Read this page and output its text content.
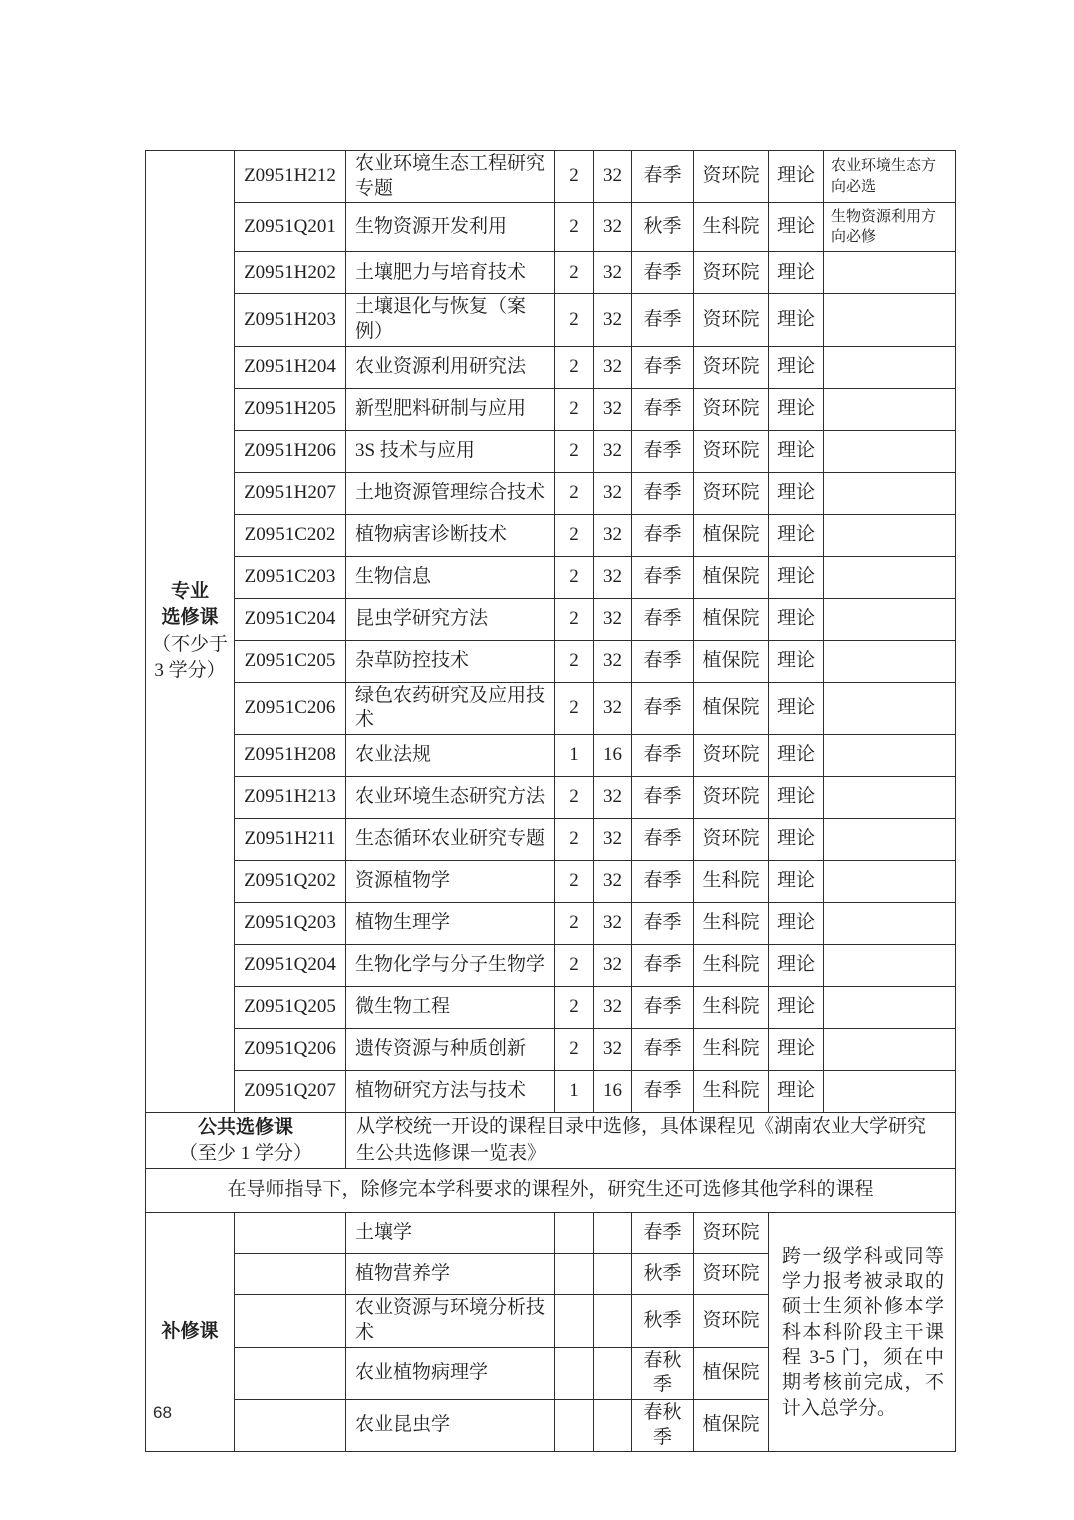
专业
选修课
（不少于
3 学分）	Z0951H212	农业环境生态工程研究专题	2	32	春季	资环院	理论	农业环境生态方向必选
	Z0951Q201	生物资源开发利用	2	32	秋季	生科院	理论	生物资源利用方向必修
	Z0951H202	土壤肥力与培育技术	2	32	春季	资环院	理论	
	Z0951H203	土壤退化与恢复（案例）	2	32	春季	资环院	理论	
	Z0951H204	农业资源利用研究法	2	32	春季	资环院	理论	
	Z0951H205	新型肥料研制与应用	2	32	春季	资环院	理论	
	Z0951H206	3S 技术与应用	2	32	春季	资环院	理论	
	Z0951H207	土地资源管理综合技术	2	32	春季	资环院	理论	
	Z0951C202	植物病害诊断技术	2	32	春季	植保院	理论	
	Z0951C203	生物信息	2	32	春季	植保院	理论	
	Z0951C204	昆虫学研究方法	2	32	春季	植保院	理论	
	Z0951C205	杂草防控技术	2	32	春季	植保院	理论	
	Z0951C206	绿色农药研究及应用技术	2	32	春季	植保院	理论	
	Z0951H208	农业法规	1	16	春季	资环院	理论	
	Z0951H213	农业环境生态研究方法	2	32	春季	资环院	理论	
	Z0951H211	生态循环农业研究专题	2	32	春季	资环院	理论	
	Z0951Q202	资源植物学	2	32	春季	生科院	理论	
	Z0951Q203	植物生理学	2	32	春季	生科院	理论	
	Z0951Q204	生物化学与分子生物学	2	32	春季	生科院	理论	
	Z0951Q205	微生物工程	2	32	春季	生科院	理论	
	Z0951Q206	遗传资源与种质创新	2	32	春季	生科院	理论	
	Z0951Q207	植物研究方法与技术	1	16	春季	生科院	理论	

公共选修课
（至少 1 学分）		从学校统一开设的课程目录中选修，具体课程见《湖南农业大学研究生公共选修课一览表》						
在导师指导下，除修完本学科要求的课程外，研究生还可选修其他学科的课程								
补修课		土壤学			春季	资环院	跨一级学科或同等学力报考被录取的硕士生须补修本学科本科阶段主干课程 3-5 门，须在中期考核前完成，不计入总学分。	
		植物营养学			秋季	资环院		
		农业资源与环境分析技术			秋季	资环院		
		农业植物病理学			春秋季	植保院		
		农业昆虫学			春秋季	植保院		
68
